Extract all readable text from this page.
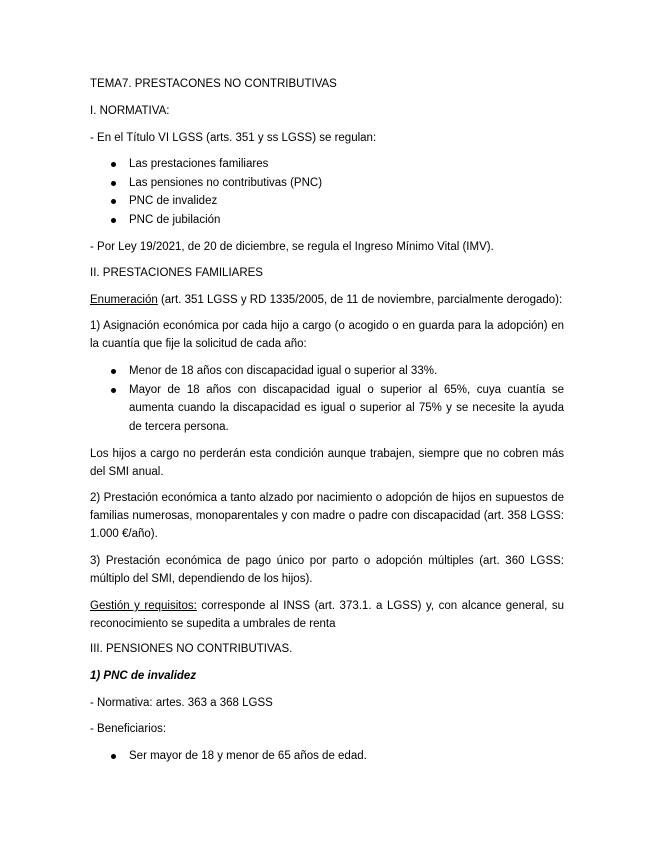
TEMA7. PRESTACONES NO CONTRIBUTIVAS

I. NORMATIVA:

- En el Título VI LGSS (arts. 351 y ss LGSS) se regulan:

Las prestaciones familiares
Las pensiones no contributivas (PNC)
PNC de invalidez
PNC de jubilación

- Por Ley 19/2021, de 20 de diciembre, se regula el Ingreso Mínimo Vital (IMV).

II. PRESTACIONES FAMILIARES

Enumeración (art. 351 LGSS y RD 1335/2005, de 11 de noviembre, parcialmente derogado):

1) Asignación económica por cada hijo a cargo (o acogido o en guarda para la adopción) en la cuantía que fije la solicitud de cada año:

Menor de 18 años con discapacidad igual o superior al 33%.
Mayor de 18 años con discapacidad igual o superior al 65%, cuya cuantía se aumenta cuando la discapacidad es igual o superior al 75% y se necesite la ayuda de tercera persona.

Los hijos a cargo no perderán esta condición aunque trabajen, siempre que no cobren más del SMI anual.

2) Prestación económica a tanto alzado por nacimiento o adopción de hijos en supuestos de familias numerosas, monoparentales y con madre o padre con discapacidad (art. 358 LGSS: 1.000 €/año).

3) Prestación económica de pago único por parto o adopción múltiples (art. 360 LGSS: múltiplo del SMI, dependiendo de los hijos).

Gestión y requisitos: corresponde al INSS (art. 373.1. a LGSS) y, con alcance general, su reconocimiento se supedita a umbrales de renta

III. PENSIONES NO CONTRIBUTIVAS.

1) PNC de invalidez

- Normativa: artes. 363 a 368 LGSS

- Beneficiarios:

Ser mayor de 18 y menor de 65 años de edad.
